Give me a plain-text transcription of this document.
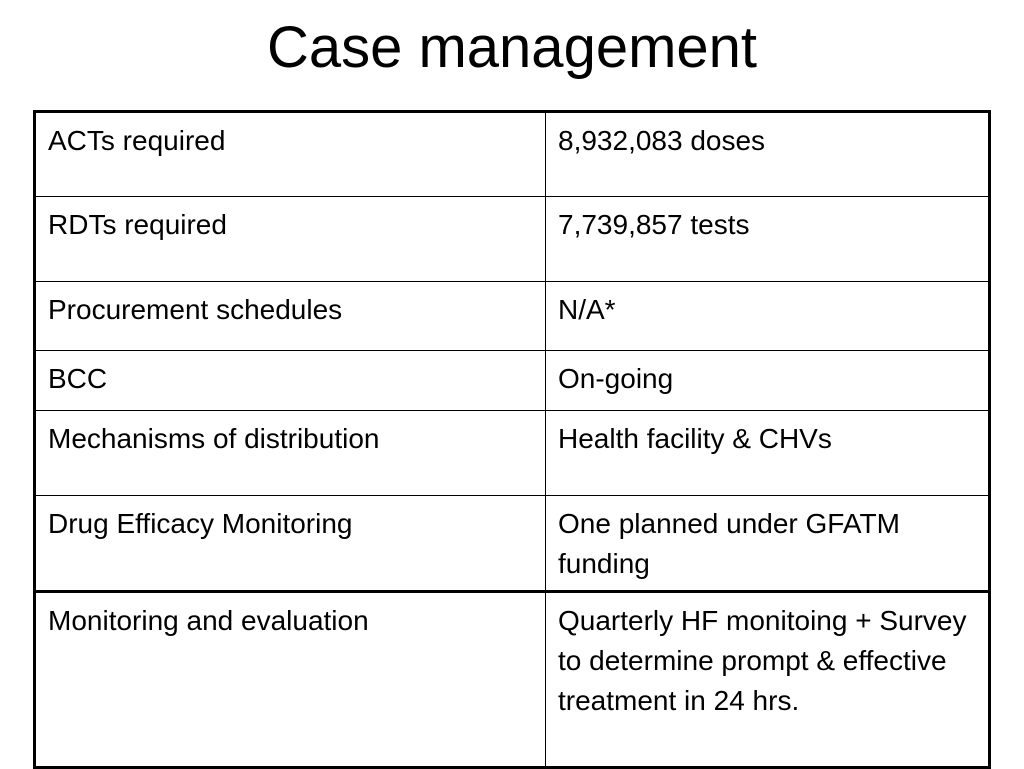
Case management
ACTs required	8,932,083 doses
RDTs required	7,739,857 tests
Procurement schedules	N/A*
BCC	On-going
Mechanisms of distribution	Health facility & CHVs
Drug Efficacy Monitoring	One planned under GFATM funding
Monitoring and evaluation	Quarterly HF monitoing + Survey to determine prompt & effective treatment in 24 hrs.
